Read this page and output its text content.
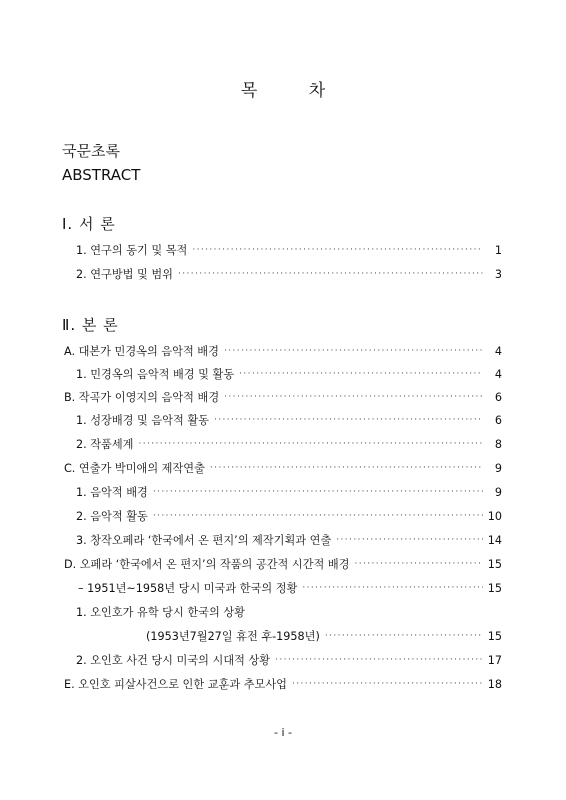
목 차
국문초록
ABSTRACT
Ⅰ. 서 론
1. 연구의 동기 및 목적 ·····	1
2. 연구방법 및 범위 ·····	3
Ⅱ. 본 론
A. 대본가 민경옥의 음악적 배경 ·····	4
1. 민경옥의 음악적 배경 및 활동 ·····	4
B. 작곡가 이영지의 음악적 배경 ·····	6
1. 성장배경 및 음악적 활동 ·····	6
2. 작품세계 ·····	8
C. 연출가 박미애의 제작연출 ·····	9
1. 음악적 배경 ·····	9
2. 음악적 활동 ·····	10
3. 창작오페라 ‘한국에서 온 편지’의 제작기획과 연출 ·····	14
D. 오페라 ‘한국에서 온 편지’의 작품의 공간적 시간적 배경 ·····	15
– 1951년~1958년 당시 미국과 한국의 정황 ·····	15
1. 오인호가 유학 당시 한국의 상황
(1953년7월27일 휴전 후-1958년) ·····	15
2. 오인호 사건 당시 미국의 시대적 상황 ·····	17
E. 오인호 피살사건으로 인한 교훈과 추모사업 ·····	18
- i -
